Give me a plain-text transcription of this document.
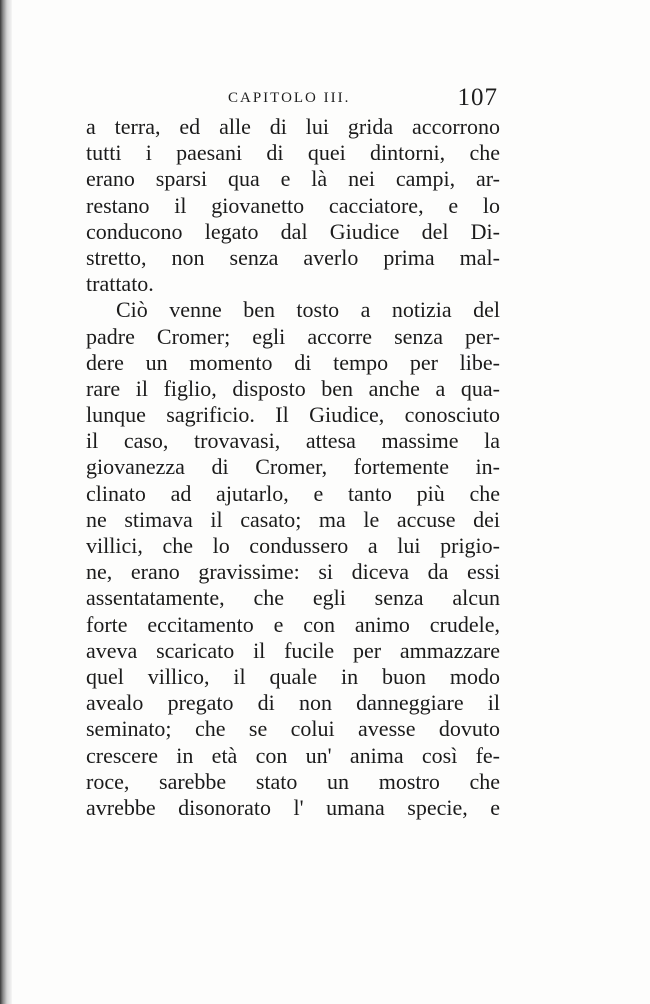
CAPITOLO III.	107
a terra, ed alle di lui grida accorrono
tutti i paesani di quei dintorni, che
erano sparsi qua e là nei campi, ar-
restano il giovanetto cacciatore, e lo
conducono legato dal Giudice del Di-
stretto, non senza averlo prima mal-
trattato.
Ciò venne ben tosto a notizia del
padre Cromer; egli accorre senza per-
dere un momento di tempo per libe-
rare il figlio, disposto ben anche a qua-
lunque sagrificio. Il Giudice, conosciuto
il caso, trovavasi, attesa massime la
giovanezza di Cromer, fortemente in-
clinato ad ajutarlo, e tanto più che
ne stimava il casato; ma le accuse dei
villici, che lo condussero a lui prigio-
ne, erano gravissime: si diceva da essi
assentatamente, che egli senza alcun
forte eccitamento e con animo crudele,
aveva scaricato il fucile per ammazzare
quel villico, il quale in buon modo
avealo pregato di non danneggiare il
seminato; che se colui avesse dovuto
crescere in età con un' anima così fe-
roce, sarebbe stato un mostro che
avrebbe disonorato l' umana specie, e
